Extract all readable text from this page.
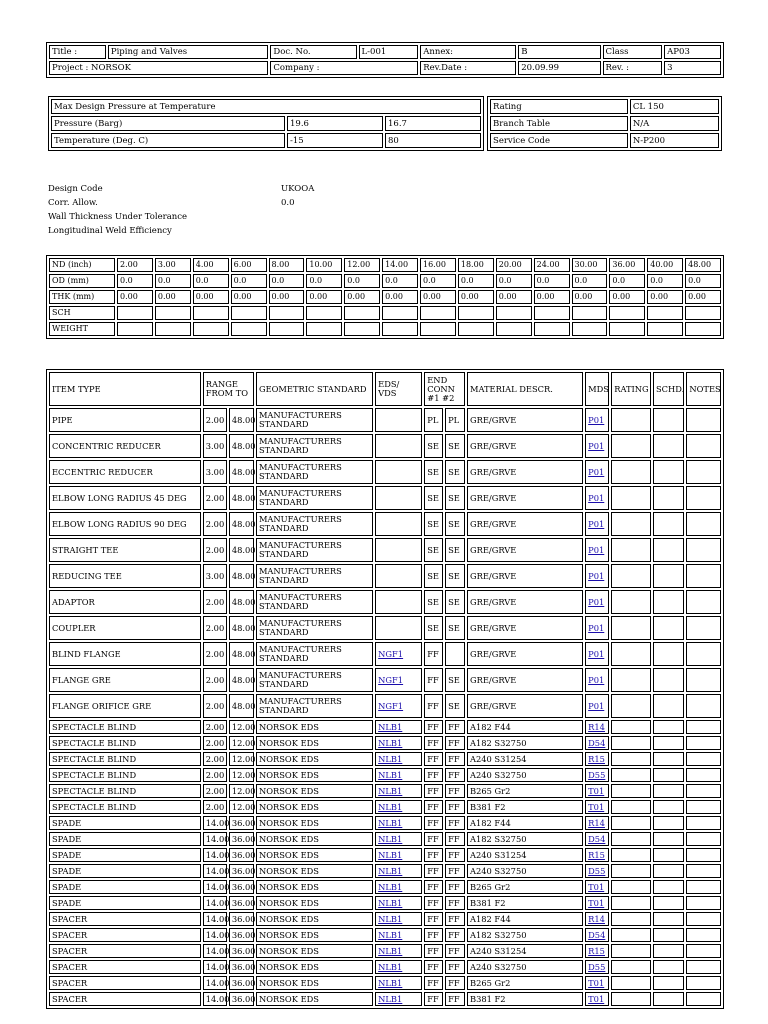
Title :	Piping and Valves	Doc. No.	L-001	Annex:	B	Class	AP03
Project : NORSOK		Company :		Rev.Date :	20.09.99	Rev. :	3
Max Design Pressure at Temperature		
Pressure (Barg)	19.6	16.7
Temperature (Deg. C)	-15	80
Rating	CL 150
Branch Table	N/A
Service Code	N-P200
Design Code	UKOOA
Corr. Allow.	0.0
Wall Thickness Under Tolerance
Longitudinal Weld Efficiency
ND (inch)	2.00	3.00	4.00	6.00	8.00	10.00	12.00	14.00	16.00	18.00	20.00	24.00	30.00	36.00	40.00	48.00
OD (mm)	0.0	0.0	0.0	0.0	0.0	0.0	0.0	0.0	0.0	0.0	0.0	0.0	0.0	0.0	0.0	0.0
THK (mm)	0.00	0.00	0.00	0.00	0.00	0.00	0.00	0.00	0.00	0.00	0.00	0.00	0.00	0.00	0.00	0.00
SCH																
WEIGHT																
ITEM TYPE	RANGE FROM TO		GEOMETRIC STANDARD	EDS/ VDS	END CONN #1 #2		MATERIAL DESCR.	MDS	RATING	SCHD.	NOTES
PIPE	2.00	48.00	MANUFACTURERS STANDARD		PL	PL	GRE/GRVE	P01			
CONCENTRIC REDUCER	3.00	48.00	MANUFACTURERS STANDARD		SE	SE	GRE/GRVE	P01			
ECCENTRIC REDUCER	3.00	48.00	MANUFACTURERS STANDARD		SE	SE	GRE/GRVE	P01			
ELBOW LONG RADIUS 45 DEG	2.00	48.00	MANUFACTURERS STANDARD		SE	SE	GRE/GRVE	P01			
ELBOW LONG RADIUS 90 DEG	2.00	48.00	MANUFACTURERS STANDARD		SE	SE	GRE/GRVE	P01			
STRAIGHT TEE	2.00	48.00	MANUFACTURERS STANDARD		SE	SE	GRE/GRVE	P01			
REDUCING TEE	3.00	48.00	MANUFACTURERS STANDARD		SE	SE	GRE/GRVE	P01			
ADAPTOR	2.00	48.00	MANUFACTURERS STANDARD		SE	SE	GRE/GRVE	P01			
COUPLER	2.00	48.00	MANUFACTURERS STANDARD		SE	SE	GRE/GRVE	P01			
BLIND FLANGE	2.00	48.00	MANUFACTURERS STANDARD	NGF1	FF		GRE/GRVE	P01			
FLANGE GRE	2.00	48.00	MANUFACTURERS STANDARD	NGF1	FF	SE	GRE/GRVE	P01			
FLANGE ORIFICE GRE	2.00	48.00	MANUFACTURERS STANDARD	NGF1	FF	SE	GRE/GRVE	P01			
SPECTACLE BLIND	2.00	12.00	NORSOK EDS	NLB1	FF	FF	A182 F44	R14			
SPECTACLE BLIND	2.00	12.00	NORSOK EDS	NLB1	FF	FF	A182 S32750	D54			
SPECTACLE BLIND	2.00	12.00	NORSOK EDS	NLB1	FF	FF	A240 S31254	R15			
SPECTACLE BLIND	2.00	12.00	NORSOK EDS	NLB1	FF	FF	A240 S32750	D55			
SPECTACLE BLIND	2.00	12.00	NORSOK EDS	NLB1	FF	FF	B265 Gr2	T01			
SPECTACLE BLIND	2.00	12.00	NORSOK EDS	NLB1	FF	FF	B381 F2	T01			
SPADE	14.00	36.00	NORSOK EDS	NLB1	FF	FF	A182 F44	R14			
SPADE	14.00	36.00	NORSOK EDS	NLB1	FF	FF	A182 S32750	D54			
SPADE	14.00	36.00	NORSOK EDS	NLB1	FF	FF	A240 S31254	R15			
SPADE	14.00	36.00	NORSOK EDS	NLB1	FF	FF	A240 S32750	D55			
SPADE	14.00	36.00	NORSOK EDS	NLB1	FF	FF	B265 Gr2	T01			
SPADE	14.00	36.00	NORSOK EDS	NLB1	FF	FF	B381 F2	T01			
SPACER	14.00	36.00	NORSOK EDS	NLB1	FF	FF	A182 F44	R14			
SPACER	14.00	36.00	NORSOK EDS	NLB1	FF	FF	A182 S32750	D54			
SPACER	14.00	36.00	NORSOK EDS	NLB1	FF	FF	A240 S31254	R15			
SPACER	14.00	36.00	NORSOK EDS	NLB1	FF	FF	A240 S32750	D55			
SPACER	14.00	36.00	NORSOK EDS	NLB1	FF	FF	B265 Gr2	T01			
SPACER	14.00	36.00	NORSOK EDS	NLB1	FF	FF	B381 F2	T01			
